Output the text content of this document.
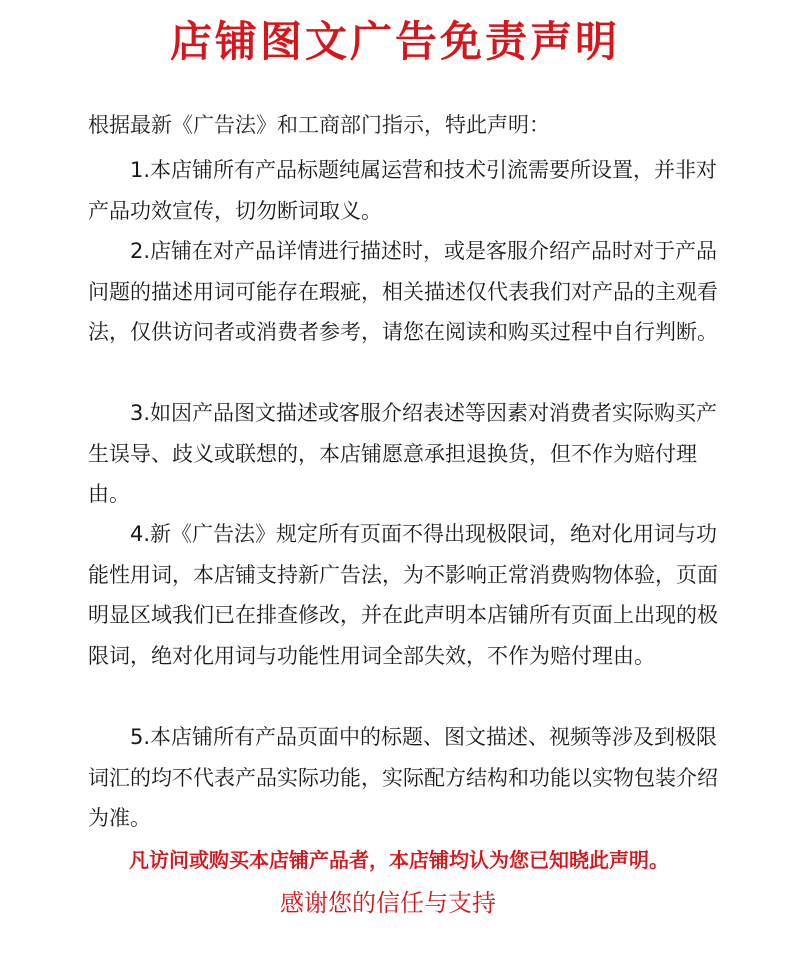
店铺图文广告免责声明
根据最新《广告法》和工商部门指示，特此声明：

1.本店铺所有产品标题纯属运营和技术引流需要所设置，并非对产品功效宣传，切勿断词取义。

2.店铺在对产品详情进行描述时，或是客服介绍产品时对于产品问题的描述用词可能存在瑕疵，相关描述仅代表我们对产品的主观看法，仅供访问者或消费者参考，请您在阅读和购买过程中自行判断。

3.如因产品图文描述或客服介绍表述等因素对消费者实际购买产生误导、歧义或联想的，本店铺愿意承担退换货，但不作为赔付理由。

4.新《广告法》规定所有页面不得出现极限词，绝对化用词与功能性用词，本店铺支持新广告法，为不影响正常消费购物体验，页面明显区域我们已在排查修改，并在此声明本店铺所有页面上出现的极限词，绝对化用词与功能性用词全部失效，不作为赔付理由。

5.本店铺所有产品页面中的标题、图文描述、视频等涉及到极限词汇的均不代表产品实际功能，实际配方结构和功能以实物包装介绍为准。

凡访问或购买本店铺产品者，本店铺均认为您已知晓此声明。
感谢您的信任与支持
